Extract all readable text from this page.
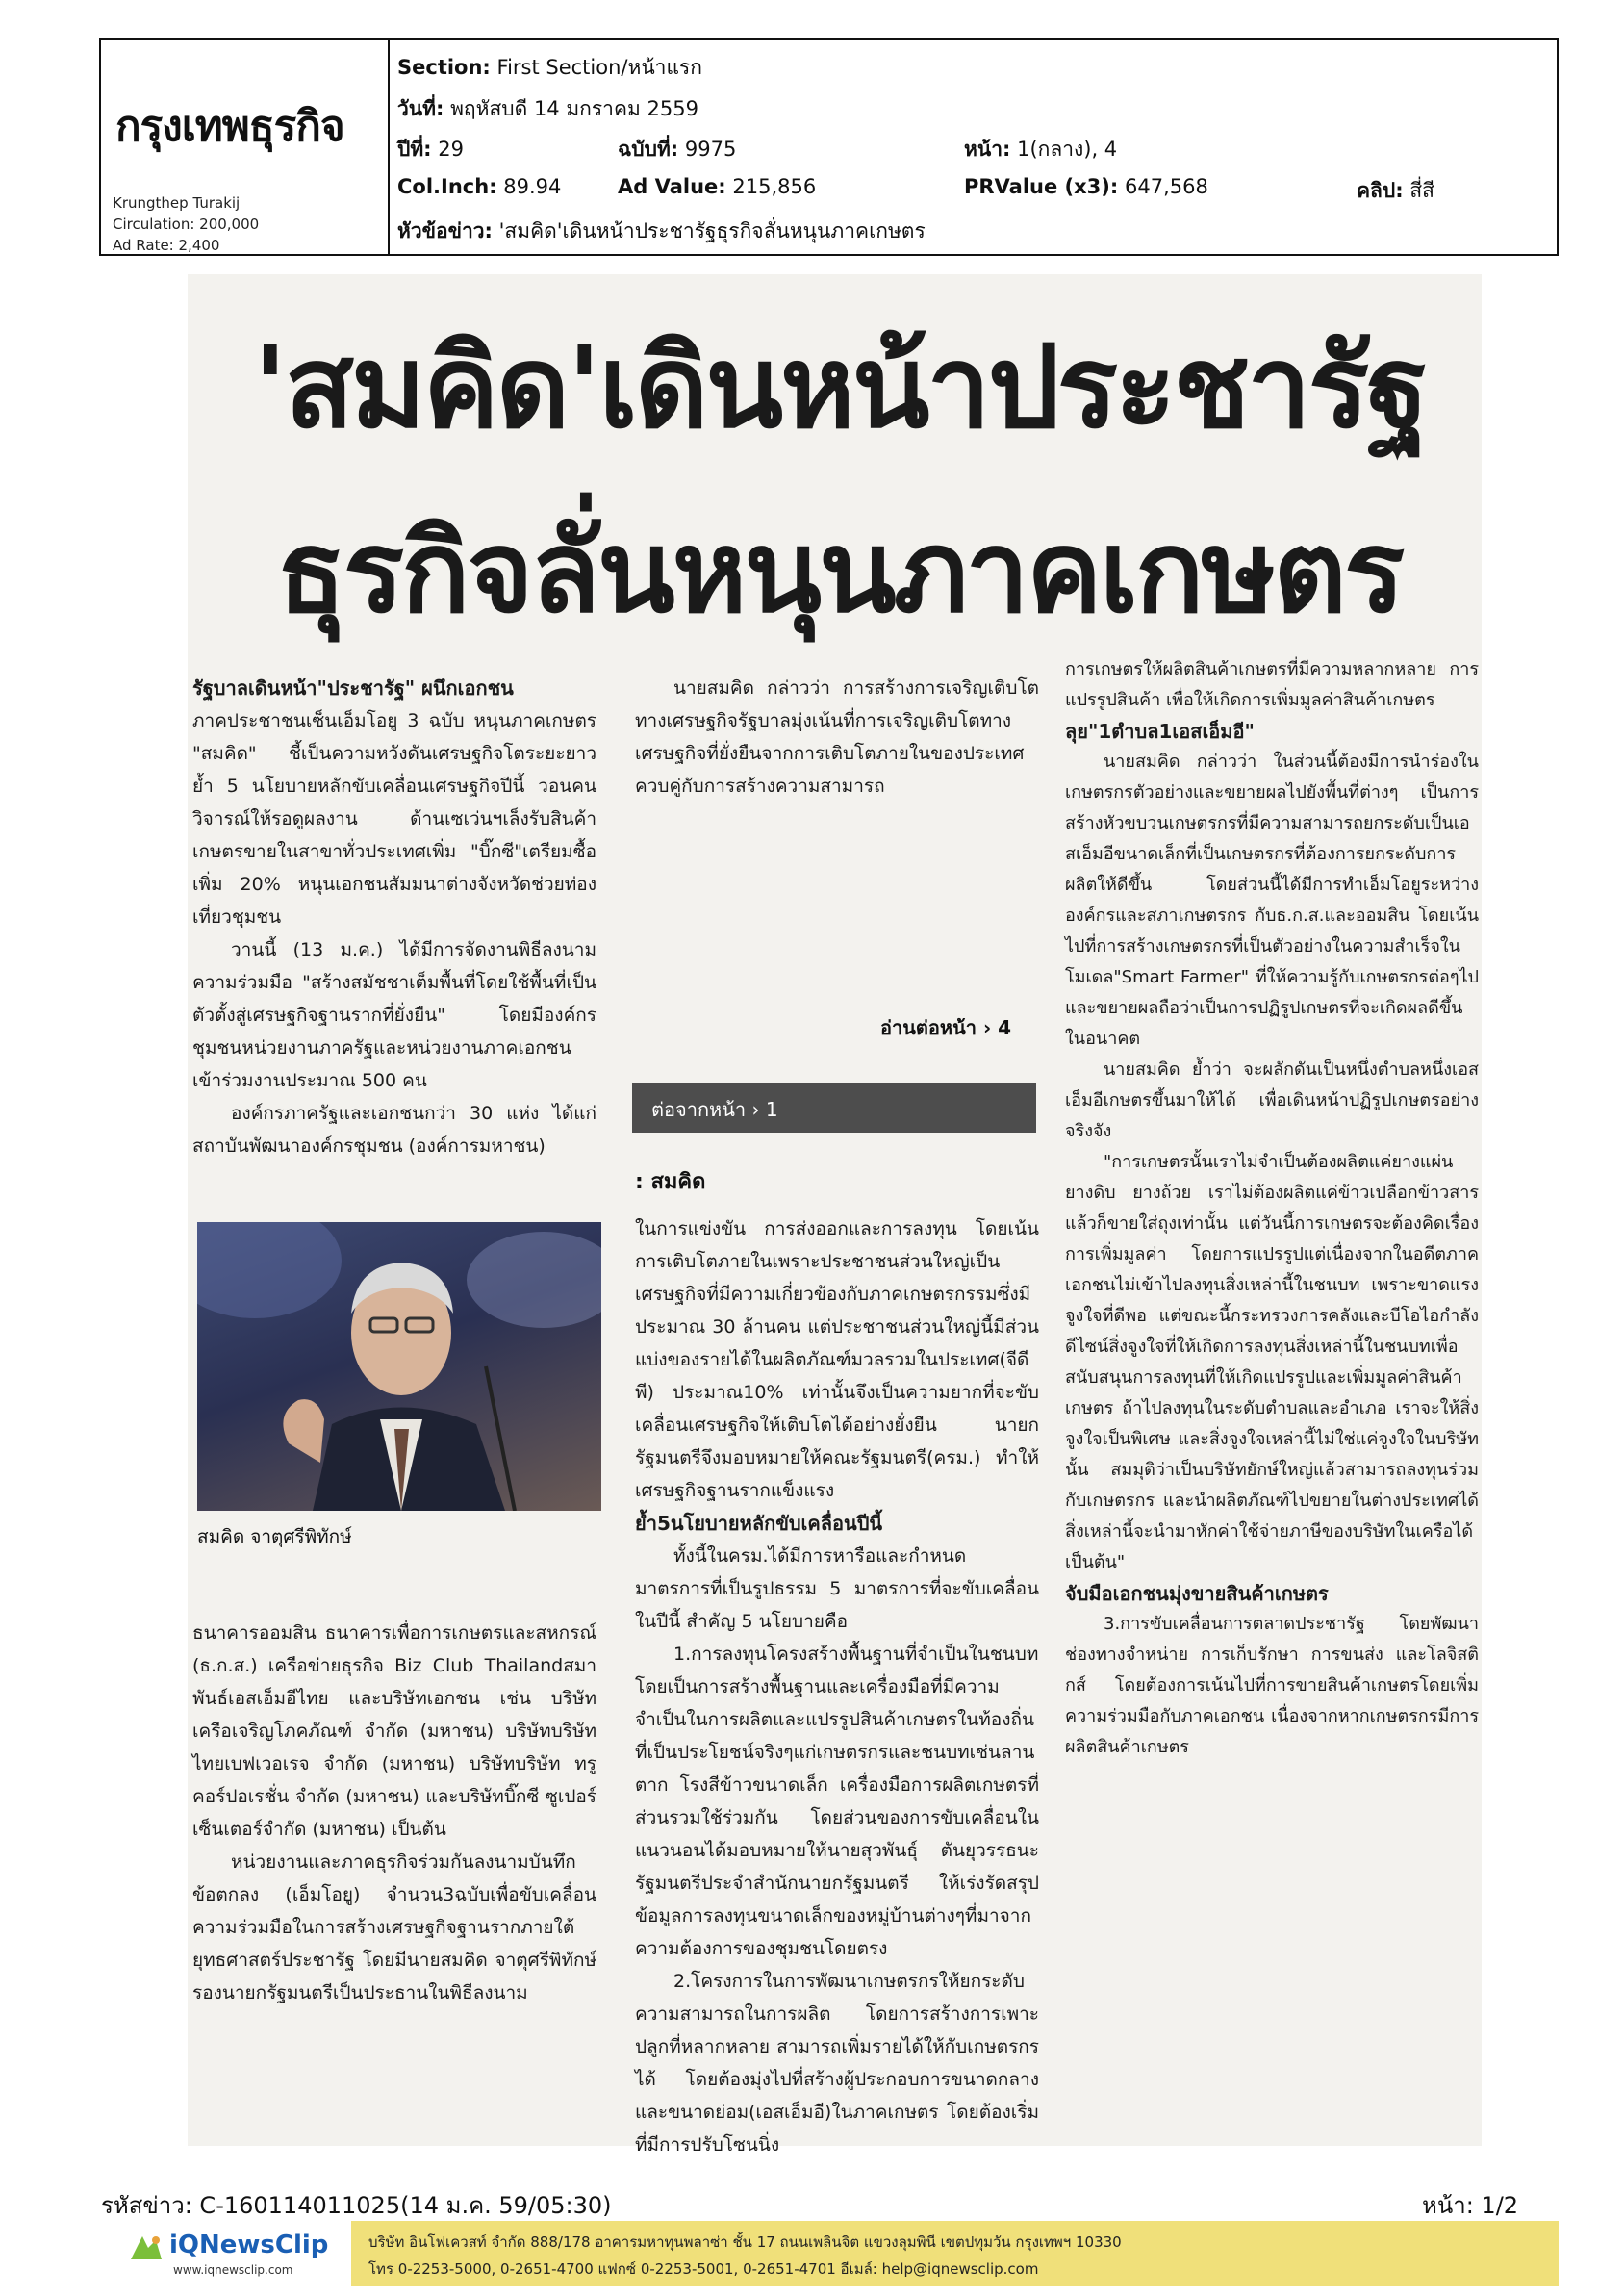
กรุงเทพธุรกิจ
Krungthep Turakij
Circulation: 200,000
Ad Rate: 2,400
Section: First Section/หน้าแรก
วันที่: พฤหัสบดี 14 มกราคม 2559
ปีที่: 29	ฉบับที่: 9975	หน้า: 1(กลาง), 4
Col.Inch: 89.94	Ad Value: 215,856	PRValue (x3): 647,568	คลิป: สี่สี
หัวข้อข่าว: 'สมคิด'เดินหน้าประชารัฐธุรกิจลั่นหนุนภาคเกษตร
'สมคิด'เดินหน้าประชารัฐ
ธุรกิจลั่นหนุนภาคเกษตร

รัฐบาลเดินหน้า"ประชารัฐ" ผนึกเอกชน

ภาคประชาชนเซ็นเอ็มโอยู 3 ฉบับ หนุนภาคเกษตร "สมคิด" ชี้เป็นความหวังดันเศรษฐกิจโตระยะยาว ย้ำ 5 นโยบายหลักขับเคลื่อนเศรษฐกิจปีนี้ วอนคนวิจารณ์ให้รอดูผลงาน ด้านเซเว่นฯเล็งรับสินค้าเกษตรขายในสาขาทั่วประเทศเพิ่ม "บิ๊กซี"เตรียมซื้อเพิ่ม 20% หนุนเอกชนสัมมนาต่างจังหวัดช่วยท่องเที่ยวชุมชน

วานนี้ (13 ม.ค.) ได้มีการจัดงานพิธีลงนามความร่วมมือ "สร้างสมัชชาเต็มพื้นที่โดยใช้พื้นที่เป็นตัวตั้งสู่เศรษฐกิจฐานรากที่ยั่งยืน" โดยมีองค์กรชุมชนหน่วยงานภาครัฐและหน่วยงานภาคเอกชน เข้าร่วมงานประมาณ 500 คน

องค์กรภาครัฐและเอกชนกว่า 30 แห่ง ได้แก่ สถาบันพัฒนาองค์กรชุมชน (องค์การมหาชน)

สมคิด จาตุศรีพิทักษ์

ธนาคารออมสิน ธนาคารเพื่อการเกษตรและสหกรณ์ (ธ.ก.ส.) เครือข่ายธุรกิจ Biz Club Thailandสมาพันธ์เอสเอ็มอีไทย และบริษัทเอกชน เช่น บริษัท เครือเจริญโภคภัณฑ์ จำกัด (มหาชน) บริษัทบริษัทไทยเบฟเวอเรจ จำกัด (มหาชน) บริษัทบริษัท ทรู คอร์ปอเรชั่น จำกัด (มหาชน) และบริษัทบิ๊กซี ซูเปอร์เซ็นเตอร์จำกัด (มหาชน) เป็นต้น

หน่วยงานและภาคธุรกิจร่วมกันลงนามบันทึกข้อตกลง (เอ็มโอยู) จำนวน3ฉบับเพื่อขับเคลื่อนความร่วมมือในการสร้างเศรษฐกิจฐานรากภายใต้ยุทธศาสตร์ประชารัฐ โดยมีนายสมคิด จาตุศรีพิทักษ์ รองนายกรัฐมนตรีเป็นประธานในพิธีลงนาม

นายสมคิด กล่าวว่า การสร้างการเจริญเติบโตทางเศรษฐกิจรัฐบาลมุ่งเน้นที่การเจริญเติบโตทาง เศรษฐกิจที่ยั่งยืนจากการเติบโตภายในของประเทศ ควบคู่กับการสร้างความสามารถ

อ่านต่อหน้า › 4
ต่อจากหน้า › 1
: สมคิด

ในการแข่งขัน การส่งออกและการลงทุน โดยเน้นการเติบโตภายในเพราะประชาชนส่วนใหญ่เป็นเศรษฐกิจที่มีความเกี่ยวข้องกับภาคเกษตรกรรมซึ่งมีประมาณ 30 ล้านคน แต่ประชาชนส่วนใหญ่นี้มีส่วนแบ่งของรายได้ในผลิตภัณฑ์มวลรวมในประเทศ(จีดีพี) ประมาณ10% เท่านั้นจึงเป็นความยากที่จะขับเคลื่อนเศรษฐกิจให้เติบโตได้อย่างยั่งยืน นายกรัฐมนตรีจึงมอบหมายให้คณะรัฐมนตรี(ครม.) ทำให้เศรษฐกิจฐานรากแข็งแรง

ย้ำ5นโยบายหลักขับเคลื่อนปีนี้

ทั้งนี้ในครม.ได้มีการหารือและกำหนดมาตรการที่เป็นรูปธรรม 5 มาตรการที่จะขับเคลื่อนในปีนี้ สำคัญ 5 นโยบายคือ

1.การลงทุนโครงสร้างพื้นฐานที่จำเป็นในชนบท โดยเป็นการสร้างพื้นฐานและเครื่องมือที่มีความจำเป็นในการผลิตและแปรรูปสินค้าเกษตรในท้องถิ่นที่เป็นประโยชน์จริงๆแก่เกษตรกรและชนบทเช่นลานตาก โรงสีข้าวขนาดเล็ก เครื่องมือการผลิตเกษตรที่ส่วนรวมใช้ร่วมกัน โดยส่วนของการขับเคลื่อนในแนวนอนได้มอบหมายให้นายสุวพันธุ์ ตันยุวรรธนะ รัฐมนตรีประจำสำนักนายกรัฐมนตรี ให้เร่งรัดสรุปข้อมูลการลงทุนขนาดเล็กของหมู่บ้านต่างๆที่มาจากความต้องการของชุมชนโดยตรง

2.โครงการในการพัฒนาเกษตรกรให้ยกระดับความสามารถในการผลิต โดยการสร้างการเพาะปลูกที่หลากหลาย สามารถเพิ่มรายได้ให้กับเกษตรกรได้ โดยต้องมุ่งไปที่สร้างผู้ประกอบการขนาดกลางและขนาดย่อม(เอสเอ็มอี)ในภาคเกษตร โดยต้องเริ่มที่มีการปรับโซนนิ่ง

การเกษตรให้ผลิตสินค้าเกษตรที่มีความหลากหลาย การแปรรูปสินค้า เพื่อให้เกิดการเพิ่มมูลค่าสินค้าเกษตร

ลุย"1ตำบล1เอสเอ็มอี"

นายสมคิด กล่าวว่า ในส่วนนี้ต้องมีการนำร่องในเกษตรกรตัวอย่างและขยายผลไปยังพื้นที่ต่างๆ เป็นการสร้างหัวขบวนเกษตรกรที่มีความสามารถยกระดับเป็นเอสเอ็มอีขนาดเล็กที่เป็นเกษตรกรที่ต้องการยกระดับการผลิตให้ดีขึ้น โดยส่วนนี้ได้มีการทำเอ็มโอยูระหว่างองค์กรและสภาเกษตรกร กับธ.ก.ส.และออมสิน โดยเน้นไปที่การสร้างเกษตรกรที่เป็นตัวอย่างในความสำเร็จในโมเดล"Smart Farmer" ที่ให้ความรู้กับเกษตรกรต่อๆไปและขยายผลถือว่าเป็นการปฏิรูปเกษตรที่จะเกิดผลดีขึ้นในอนาคต

นายสมคิด ย้ำว่า จะผลักดันเป็นหนึ่งตำบลหนึ่งเอสเอ็มอีเกษตรขึ้นมาให้ได้ เพื่อเดินหน้าปฏิรูปเกษตรอย่างจริงจัง

"การเกษตรนั้นเราไม่จำเป็นต้องผลิตแค่ยางแผ่นยางดิบ ยางถ้วย เราไม่ต้องผลิตแค่ข้าวเปลือกข้าวสารแล้วก็ขายใส่ถุงเท่านั้น แต่วันนี้การเกษตรจะต้องคิดเรื่องการเพิ่มมูลค่า โดยการแปรรูปแต่เนื่องจากในอดีตภาคเอกชนไม่เข้าไปลงทุนสิ่งเหล่านี้ในชนบท เพราะขาดแรงจูงใจที่ดีพอ แต่ขณะนี้กระทรวงการคลังและบีโอไอกำลังดีไซน์สิ่งจูงใจที่ให้เกิดการลงทุนสิ่งเหล่านี้ในชนบทเพื่อสนับสนุนการลงทุนที่ให้เกิดแปรรูปและเพิ่มมูลค่าสินค้าเกษตร ถ้าไปลงทุนในระดับตำบลและอำเภอ เราจะให้สิ่งจูงใจเป็นพิเศษ และสิ่งจูงใจเหล่านี้ไม่ใช่แค่จูงใจในบริษัทนั้น สมมุติว่าเป็นบริษัทยักษ์ใหญ่แล้วสามารถลงทุนร่วมกับเกษตรกร และนำผลิตภัณฑ์ไปขยายในต่างประเทศได้ สิ่งเหล่านี้จะนำมาหักค่าใช้จ่ายภาษีของบริษัทในเครือได้ เป็นต้น"

จับมือเอกชนมุ่งขายสินค้าเกษตร

3.การขับเคลื่อนการตลาดประชารัฐ โดยพัฒนาช่องทางจำหน่าย การเก็บรักษา การขนส่ง และโลจิสติกส์ โดยต้องการเน้นไปที่การขายสินค้าเกษตรโดยเพิ่มความร่วมมือกับภาคเอกชน เนื่องจากหากเกษตรกรมีการผลิตสินค้าเกษตร

รหัสข่าว: C-160114011025(14 ม.ค. 59/05:30)	หน้า: 1/2
iQNewsClip
www.iqnewsclip.com
บริษัท อินโฟเควสท์ จำกัด 888/178 อาคารมหาทุนพลาซ่า ชั้น 17 ถนนเพลินจิต แขวงลุมพินี เขตปทุมวัน กรุงเทพฯ 10330
โทร 0-2253-5000, 0-2651-4700 แฟกซ์ 0-2253-5001, 0-2651-4701 อีเมล์: help@iqnewsclip.com
